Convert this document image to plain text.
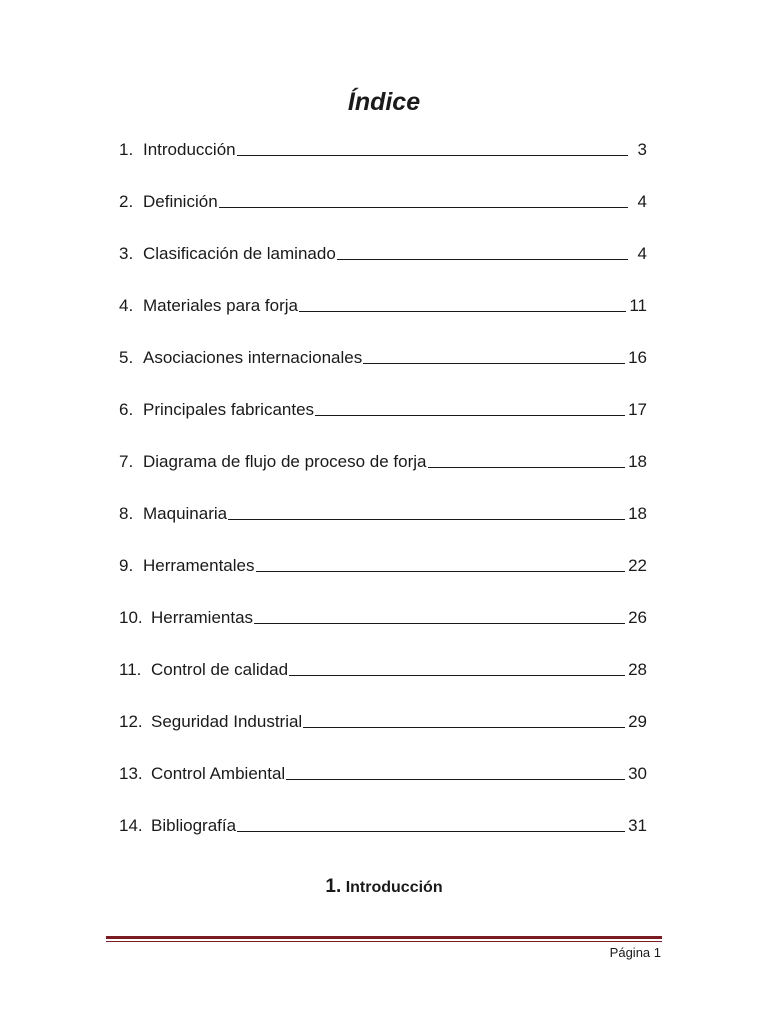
Índice
1. Introducción	3
2. Definición	4
3. Clasificación de laminado	4
4. Materiales para forja	11
5. Asociaciones internacionales	16
6. Principales fabricantes	17
7. Diagrama de flujo de proceso de forja	18
8. Maquinaria	18
9. Herramentales	22
10. Herramientas	26
11. Control de calidad	28
12. Seguridad Industrial	29
13. Control Ambiental	30
14. Bibliografía	31
1. Introducción
Página 1
